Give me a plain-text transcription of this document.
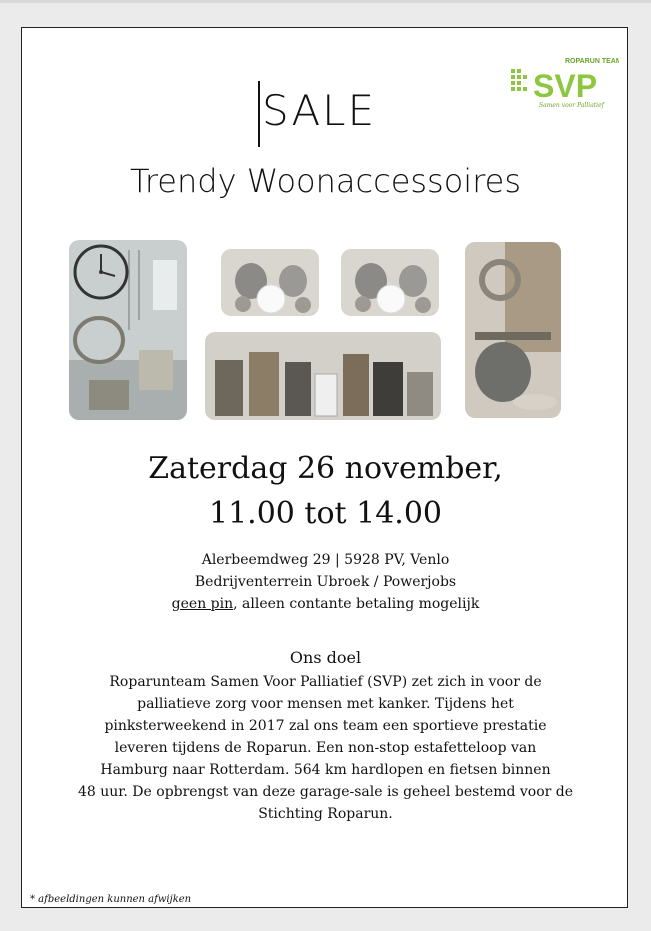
ROPARUN TEAM
SVP
Samen voor Palliatief
SALE
Trendy Woonaccessoires
Zaterdag 26 november,
11.00 tot 14.00
Alerbeemdweg 29 | 5928 PV, Venlo
Bedrijventerrein Ubroek / Powerjobs
geen pin, alleen contante betaling mogelijk
Ons doel
Roparunteam Samen Voor Palliatief (SVP) zet zich in voor de
palliatieve zorg voor mensen met kanker. Tijdens het
pinksterweekend in 2017 zal ons team een sportieve prestatie
leveren tijdens de Roparun. Een non-stop estafetteloop van
Hamburg naar Rotterdam. 564 km hardlopen en fietsen binnen
48 uur. De opbrengst van deze garage-sale is geheel bestemd voor de
Stichting Roparun.
* afbeeldingen kunnen afwijken
